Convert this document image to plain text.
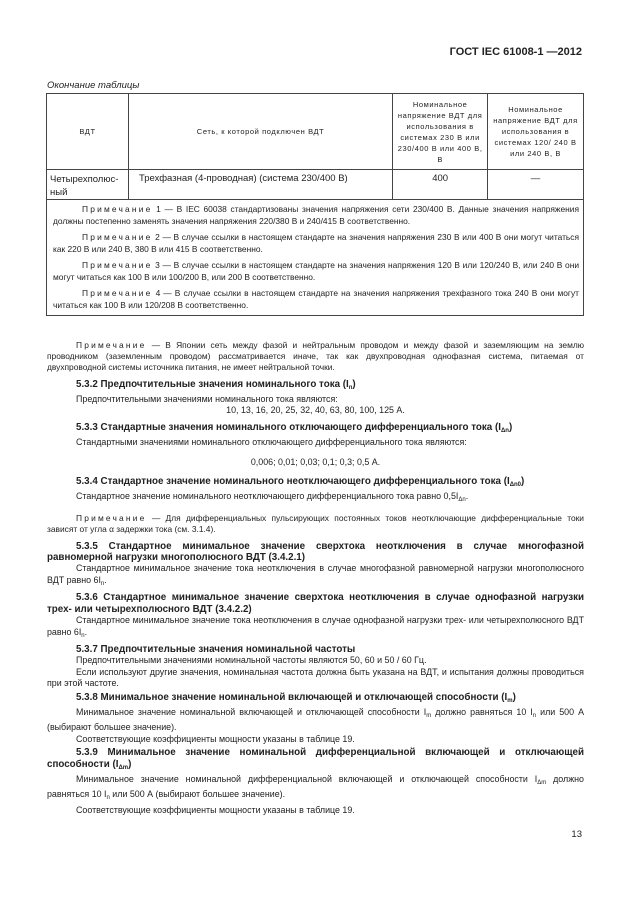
ГОСТ IEC 61008-1 —2012
Окончание таблицы
ВДТ	Сеть, к которой подключен ВДТ	Номинальное напряжение ВДТ для использования в системах 230 В или 230/400 В или 400 В, В	Номинальное напряжение ВДТ для использования в системах 120/ 240 В или 240 В, В
Четырехполюс-ный	Трехфазная (4-проводная) (система 230/400 В)	400	—

Примечание 1 — В IEC 60038 стандартизованы значения напряжения сети 230/400 В. Данные значения напряжения должны постепенно заменять значения напряжения 220/380 В и 240/415 В соответственно.

Примечание 2 — В случае ссылки в настоящем стандарте на значения напряжения 230 В или 400 В они могут читаться как 220 В или 240 В, 380 В или 415 В соответственно.

Примечание 3 — В случае ссылки в настоящем стандарте на значения напряжения 120 В или 120/240 В, или 240 В они могут читаться как 100 В или 100/200 В, или 200 В соответственно.

Примечание 4 — В случае ссылки в настоящем стандарте на значения напряжения трехфазного тока 240 В они могут читаться как 100 В или 120/208 В соответственно.			

Примечание — В Японии сеть между фазой и нейтральным проводом и между фазой и заземляющим на землю проводником (заземленным проводом) рассматривается иначе, так как двухпроводная однофазная система, питаемая от двухпроводной системы источника питания, не имеет нейтральной точки.

5.3.2 Предпочтительные значения номинального тока $(I_n)$

Предпочтительными значениями номинального тока являются:

10, 13, 16, 20, 25, 32, 40, 63, 80, 100, 125 А.

5.3.3 Стандартные значения номинального отключающего дифференциального тока $(I_{\Delta n})$

Стандартными значениями номинального отключающего дифференциального тока являются:

0,006; 0,01; 0,03; 0,1; 0,3; 0,5 А.

5.3.4 Стандартное значение номинального неотключающего дифференциального тока $(I_{\Delta n0})$

Стандартное значение номинального неотключающего дифференциального тока равно $0,5I_{\Delta n}$.

Примечание — Для дифференциальных пульсирующих постоянных токов неотключающие дифференциальные токи зависят от угла α задержки тока (см. 3.1.4).

5.3.5 Стандартное минимальное значение сверхтока неотключения в случае многофазной равномерной нагрузки многополюсного ВДТ (3.4.2.1)

Стандартное минимальное значение тока неотключения в случае многофазной равномерной нагрузки многополюсного ВДТ равно $6I_n$.

5.3.6 Стандартное минимальное значение сверхтока неотключения в случае однофазной нагрузки трех- или четырехполюсного ВДТ (3.4.2.2)

Стандартное минимальное значение тока неотключения в случае однофазной нагрузки трех- или четырехполюсного ВДТ равно $6I_n$.

5.3.7 Предпочтительные значения номинальной частоты

Предпочтительными значениями номинальной частоты являются 50, 60 и 50 / 60 Гц.

Если используют другие значения, номинальная частота должна быть указана на ВДТ, и испытания должны проводиться при этой частоте.

5.3.8 Минимальное значение номинальной включающей и отключающей способности $(I_m)$

Минимальное значение номинальной включающей и отключающей способности $I_m$ должно равняться 10 $I_n$ или 500 А (выбирают большее значение).

Соответствующие коэффициенты мощности указаны в таблице 19.

5.3.9 Минимальное значение номинальной дифференциальной включающей и отключающей способности $(I_{\Delta m})$

Минимальное значение номинальной дифференциальной включающей и отключающей способности $I_{\Delta m}$ должно равняться 10 $I_n$ или 500 А (выбирают большее значение).

Соответствующие коэффициенты мощности указаны в таблице 19.

13
